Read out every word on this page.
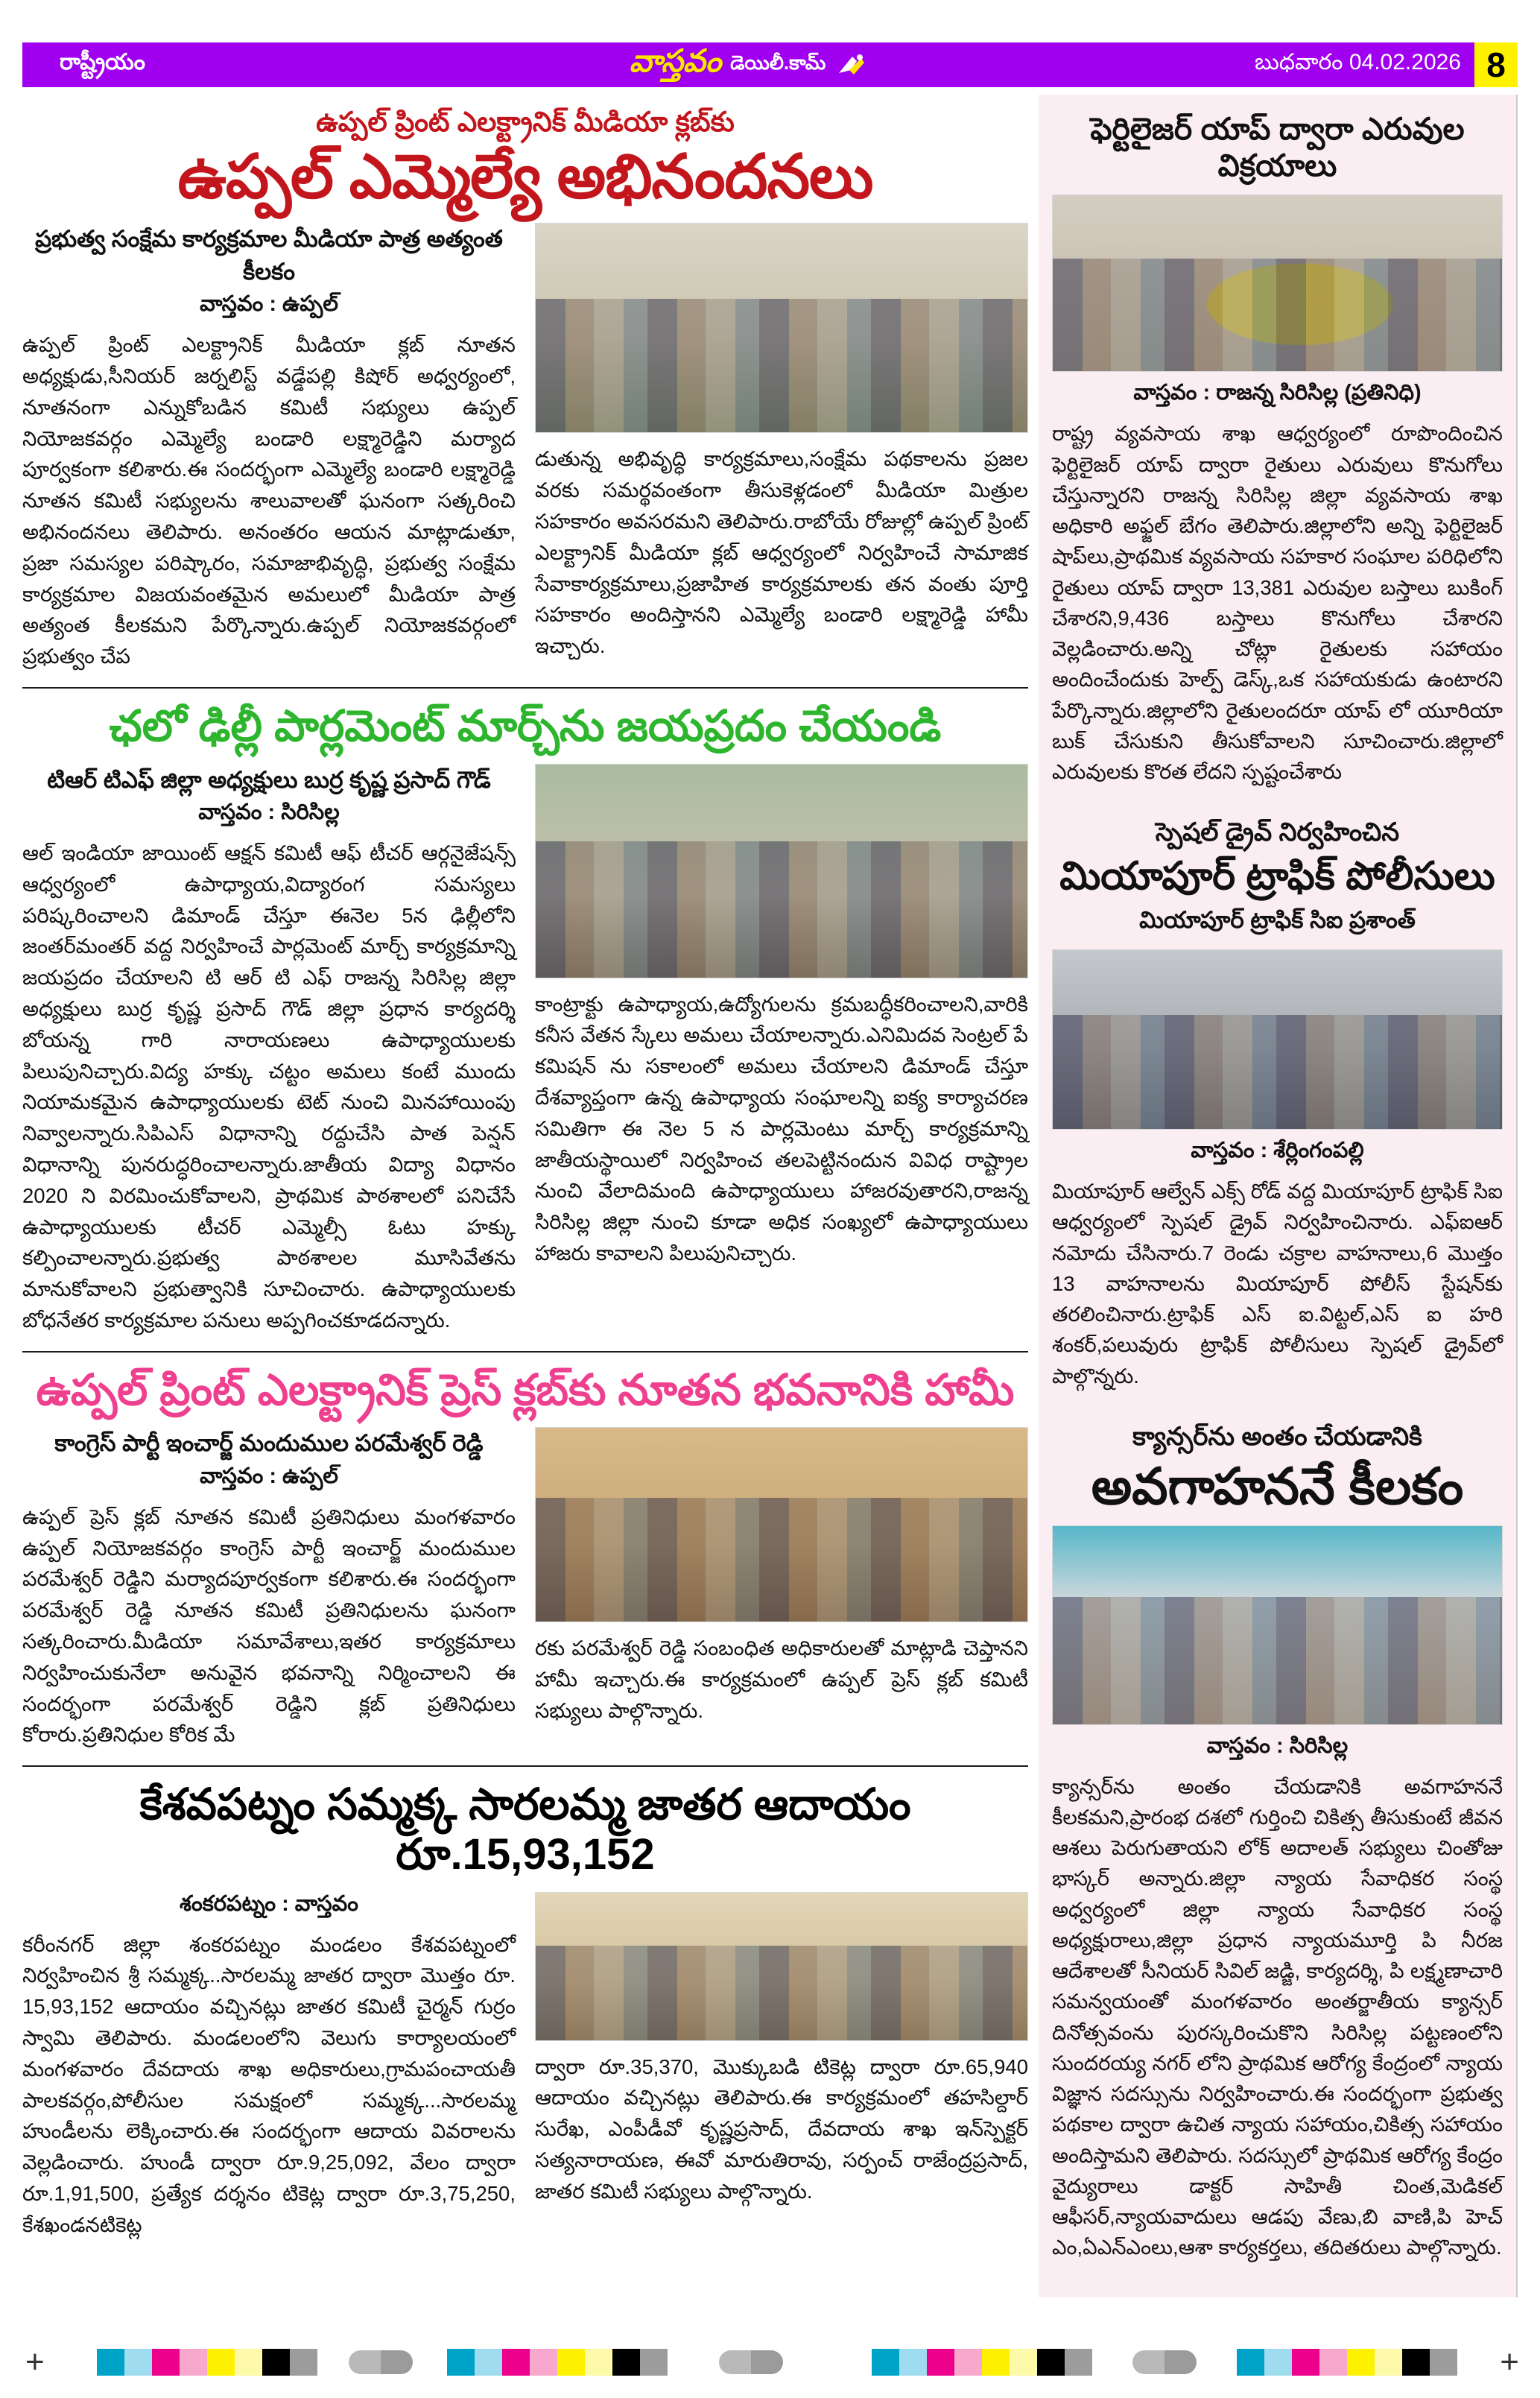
రాష్ట్రీయం	వాస్తవం డెయిలీ.కామ్	బుధవారం 04.02.2026 8
ఉప్పల్ ప్రింట్ ఎలక్ట్రానిక్ మీడియా క్లబ్‌కు
ఉప్పల్ ఎమ్మెల్యే అభినందనలు

ప్రభుత్వ సంక్షేమ కార్యక్రమాల మీడియా పాత్ర అత్యంత కీలకం

వాస్తవం : ఉప్పల్

ఉప్పల్ ప్రింట్ ఎలక్ట్రానిక్ మీడియా క్లబ్ నూతన అధ్యక్షుడు,సీనియర్ జర్నలిస్ట్ వడ్డేపల్లి కిషోర్ అధ్వర్యంలో, నూతనంగా ఎన్నుకోబడిన కమిటీ సభ్యులు ఉప్పల్ నియోజకవర్గం ఎమ్మెల్యే బండారి లక్ష్మారెడ్డిని మర్యాద పూర్వకంగా కలిశారు.ఈ సందర్భంగా ఎమ్మెల్యే బండారి లక్ష్మారెడ్డి నూతన కమిటీ సభ్యులను శాలువాలతో ఘనంగా సత్కరించి అభినందనలు తెలిపారు. అనంతరం ఆయన మాట్లాడుతూ, ప్రజా సమస్యల పరిష్కారం, సమాజాభివృద్ధి, ప్రభుత్వ సంక్షేమ కార్యక్రమాల విజయవంతమైన అమలులో మీడియా పాత్ర అత్యంత కీలకమని పేర్కొన్నారు.ఉప్పల్ నియోజకవర్గంలో ప్రభుత్వం చేప

డుతున్న అభివృద్ధి కార్యక్రమాలు,సంక్షేమ పథకాలను ప్రజల వరకు సమర్థవంతంగా తీసుకెళ్లడంలో మీడియా మిత్రుల సహకారం అవసరమని తెలిపారు.రాబోయే రోజుల్లో ఉప్పల్ ప్రింట్ ఎలక్ట్రానిక్ మీడియా క్లబ్ ఆధ్వర్యంలో నిర్వహించే సామాజిక సేవాకార్యక్రమాలు,ప్రజాహిత కార్యక్రమాలకు తన వంతు పూర్తి సహకారం అందిస్తానని ఎమ్మెల్యే బండారి లక్ష్మారెడ్డి హామీ ఇచ్చారు.

ఛలో ఢిల్లీ పార్లమెంట్ మార్చ్‌ను జయప్రదం చేయండి

టిఆర్ టిఎఫ్ జిల్లా అధ్యక్షులు బుర్ర కృష్ణ ప్రసాద్ గౌడ్

వాస్తవం : సిరిసిల్ల

ఆల్ ఇండియా జాయింట్ ఆక్షన్ కమిటీ ఆఫ్ టీచర్ ఆర్గనైజేషన్స్ ఆధ్వర్యంలో ఉపాధ్యాయ,విద్యారంగ సమస్యలు పరిష్కరించాలని డిమాండ్ చేస్తూ ఈనెల 5న ఢిల్లీలోని జంతర్‌మంతర్ వద్ద నిర్వహించే పార్లమెంట్ మార్చ్ కార్యక్రమాన్ని జయప్రదం చేయాలని టి ఆర్ టి ఎఫ్ రాజన్న సిరిసిల్ల జిల్లా అధ్యక్షులు బుర్ర కృష్ణ ప్రసాద్ గౌడ్ జిల్లా ప్రధాన కార్యదర్శి బోయన్న గారి నారాయణలు ఉపాధ్యాయులకు పిలుపునిచ్చారు.విద్య హక్కు చట్టం అమలు కంటే ముందు నియామకమైన ఉపాధ్యాయులకు టెట్ నుంచి మినహాయింపు నివ్వాలన్నారు.సిపిఎస్ విధానాన్ని రద్దుచేసి పాత పెన్షన్ విధానాన్ని పునరుద్ధరించాలన్నారు.జాతీయ విద్యా విధానం 2020 ని విరమించుకోవాలని, ప్రాథమిక పాఠశాలలో పనిచేసే ఉపాధ్యాయులకు టీచర్ ఎమ్మెల్సీ ఓటు హక్కు కల్పించాలన్నారు.ప్రభుత్వ పాఠశాలల మూసివేతను మానుకోవాలని ప్రభుత్వానికి సూచించారు. ఉపాధ్యాయులకు బోధనేతర కార్యక్రమాల పనులు అప్పగించకూడదన్నారు.

కాంట్రాక్టు ఉపాధ్యాయ,ఉద్యోగులను క్రమబద్ధీకరించాలని,వారికి కనీస వేతన స్కేలు అమలు చేయాలన్నారు.ఎనిమిదవ సెంట్రల్ పే కమిషన్ ను సకాలంలో అమలు చేయాలని డిమాండ్ చేస్తూ దేశవ్యాప్తంగా ఉన్న ఉపాధ్యాయ సంఘాలన్ని ఐక్య కార్యాచరణ సమితిగా ఈ నెల 5 న పార్లమెంటు మార్చ్ కార్యక్రమాన్ని జాతీయస్థాయిలో నిర్వహించ తలపెట్టినందున వివిధ రాష్ట్రాల నుంచి వేలాదిమంది ఉపాధ్యాయులు హాజరవుతారని,రాజన్న సిరిసిల్ల జిల్లా నుంచి కూడా అధిక సంఖ్యలో ఉపాధ్యాయులు హాజరు కావాలని పిలుపునిచ్చారు.

ఉప్పల్ ప్రింట్ ఎలక్ట్రానిక్ ప్రెస్ క్లబ్‌కు నూతన భవనానికి హామీ

కాంగ్రెస్ పార్టీ ఇంచార్జ్ మందుముల పరమేశ్వర్ రెడ్డి

వాస్తవం : ఉప్పల్

ఉప్పల్ ప్రెస్ క్లబ్ నూతన కమిటీ ప్రతినిధులు మంగళవారం ఉప్పల్ నియోజకవర్గం కాంగ్రెస్ పార్టీ ఇంచార్జ్ మందుముల పరమేశ్వర్ రెడ్డిని మర్యాదపూర్వకంగా కలిశారు.ఈ సందర్భంగా పరమేశ్వర్ రెడ్డి నూతన కమిటీ ప్రతినిధులను ఘనంగా సత్కరించారు.మీడియా సమావేశాలు,ఇతర కార్యక్రమాలు నిర్వహించుకునేలా అనువైన భవనాన్ని నిర్మించాలని ఈ సందర్భంగా పరమేశ్వర్ రెడ్డిని క్లబ్ ప్రతినిధులు కోరారు.ప్రతినిధుల కోరిక మే

రకు పరమేశ్వర్ రెడ్డి సంబంధిత అధికారులతో మాట్లాడి చెప్తానని హామీ ఇచ్చారు.ఈ కార్యక్రమంలో ఉప్పల్ ప్రెస్ క్లబ్ కమిటీ సభ్యులు పాల్గొన్నారు.

కేశవపట్నం సమ్మక్క సారలమ్మ జాతర ఆదాయం రూ.15,93,152

శంకరపట్నం : వాస్తవం

కరీంనగర్ జిల్లా శంకరపట్నం మండలం కేశవపట్నంలో నిర్వహించిన శ్రీ సమ్మక్క..సారలమ్మ జాతర ద్వారా మొత్తం రూ. 15,93,152 ఆదాయం వచ్చినట్లు జాతర కమిటీ చైర్మన్ గుర్రం స్వామి తెలిపారు. మండలంలోని వెలుగు కార్యాలయంలో మంగళవారం దేవదాయ శాఖ అధికారులు,గ్రామపంచాయతీ పాలకవర్గం,పోలీసుల సమక్షంలో సమ్మక్క...సారలమ్మ హుండీలను లెక్కించారు.ఈ సందర్భంగా ఆదాయ వివరాలను వెల్లడించారు. హుండీ ద్వారా రూ.9,25,092, వేలం ద్వారా రూ.1,91,500, ప్రత్యేక దర్శనం టికెట్ల ద్వారా రూ.3,75,250, కేశఖండనటికెట్ల

ద్వారా రూ.35,370, మొక్కుబడి టికెట్ల ద్వారా రూ.65,940 ఆదాయం వచ్చినట్లు తెలిపారు.ఈ కార్యక్రమంలో తహసిల్దార్ సురేఖ, ఎంపీడీవో కృష్ణప్రసాద్, దేవదాయ శాఖ ఇన్‌స్పెక్టర్ సత్యనారాయణ, ఈవో మారుతిరావు, సర్పంచ్ రాజేంద్రప్రసాద్, జాతర కమిటీ సభ్యులు పాల్గొన్నారు.

ఫెర్టిలైజర్ యాప్ ద్వారా ఎరువుల విక్రయాలు

వాస్తవం : రాజన్న సిరిసిల్ల (ప్రతినిధి)

రాష్ట్ర వ్యవసాయ శాఖ ఆధ్వర్యంలో రూపొందించిన ఫెర్టిలైజర్ యాప్ ద్వారా రైతులు ఎరువులు కొనుగోలు చేస్తున్నారని రాజన్న సిరిసిల్ల జిల్లా వ్యవసాయ శాఖ అధికారి అఫ్జల్ బేగం తెలిపారు.జిల్లాలోని అన్ని ఫెర్టిలైజర్ షాప్‌లు,ప్రాథమిక వ్యవసాయ సహకార సంఘాల పరిధిలోని రైతులు యాప్ ద్వారా 13,381 ఎరువుల బస్తాలు బుకింగ్ చేశారని,9,436 బస్తాలు కొనుగోలు చేశారని వెల్లడించారు.అన్ని చోట్లా రైతులకు సహాయం అందించేందుకు హెల్ప్ డెస్క్,ఒక సహాయకుడు ఉంటారని పేర్కొన్నారు.జిల్లాలోని రైతులందరూ యాప్ లో యూరియా బుక్ చేసుకుని తీసుకోవాలని సూచించారు.జిల్లాలో ఎరువులకు కొరత లేదని స్పష్టంచేశారు

స్పెషల్ డ్రైవ్ నిర్వహించిన
మియాపూర్ ట్రాఫిక్ పోలీసులు
మియాపూర్ ట్రాఫిక్ సిఐ ప్రశాంత్

వాస్తవం : శేర్లింగంపల్లి

మియాపూర్ ఆల్వేన్ ఎక్స్ రోడ్ వద్ద మియాపూర్ ట్రాఫిక్ సిఐ ఆధ్వర్యంలో స్పెషల్ డ్రైవ్ నిర్వహించినారు. ఎఫ్ఐఆర్ నమోదు చేసినారు.7 రెండు చక్రాల వాహనాలు,6 మొత్తం 13 వాహనాలను మియాపూర్ పోలీస్ స్టేషన్‌కు తరలించినారు.ట్రాఫిక్ ఎస్ ఐ.విట్టల్,ఎస్ ఐ హరి శంకర్,పలువురు ట్రాఫిక్ పోలీసులు స్పెషల్ డ్రైవ్‌లో పాల్గొన్నరు.

క్యాన్సర్‌ను అంతం చేయడానికి
అవగాహననే కీలకం

వాస్తవం : సిరిసిల్ల

క్యాన్సర్‌ను అంతం చేయడానికి అవగాహననే కీలకమని,ప్రారంభ దశలో గుర్తించి చికిత్స తీసుకుంటే జీవన ఆశలు పెరుగుతాయని లోక్ అదాలత్ సభ్యులు చింతోజు భాస్కర్ అన్నారు.జిల్లా న్యాయ సేవాధికర సంస్థ అధ్వర్యంలో జిల్లా న్యాయ సేవాధికర సంస్థ అధ్యక్షురాలు,జిల్లా ప్రధాన న్యాయమూర్తి పి నీరజ ఆదేశాలతో సీనియర్ సివిల్ జడ్జి, కార్యదర్శి, పి లక్ష్మణాచారి సమన్వయంతో మంగళవారం అంతర్జాతీయ క్యాన్సర్ దినోత్సవంను పురస్కరించుకొని సిరిసిల్ల పట్టణంలోని సుందరయ్య నగర్ లోని ప్రాథమిక ఆరోగ్య కేంద్రంలో న్యాయ విజ్ఞాన సదస్సును నిర్వహించారు.ఈ సందర్భంగా ప్రభుత్వ పథకాల ద్వారా ఉచిత న్యాయ సహాయం,చికిత్స సహాయం అందిస్తామని తెలిపారు. సదస్సులో ప్రాథమిక ఆరోగ్య కేంద్రం వైద్యురాలు డాక్టర్ సాహితీ చింత,మెడికల్ ఆఫీసర్,న్యాయవాదులు ఆడపు వేణు,బి వాణి,పి హెచ్ ఎం,ఏఎన్ఎంలు,ఆశా కార్యకర్తలు, తదితరులు పాల్గొన్నారు.

+	+
